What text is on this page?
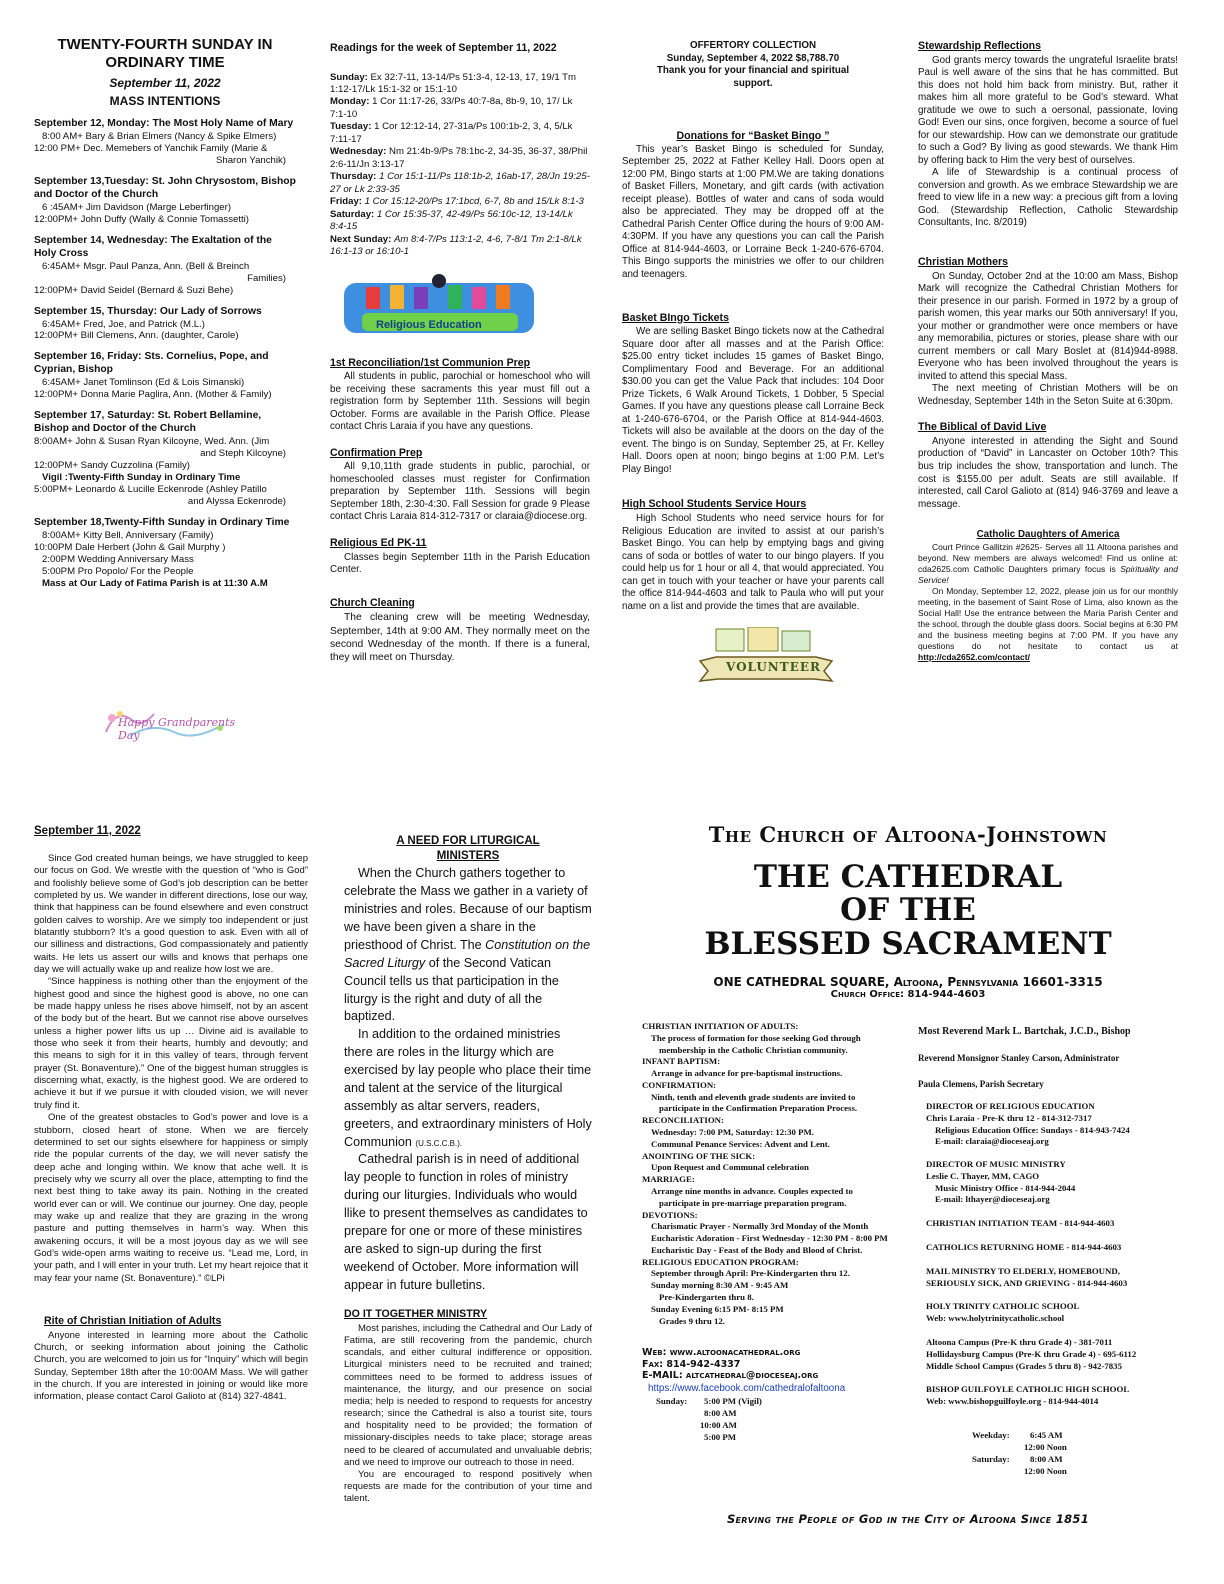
TWENTY-FOURTH SUNDAY IN
ORDINARY TIME
September 11, 2022
MASS INTENTIONS
September 12, Monday: The Most Holy Name of Mary
8:00 AM+ Bary & Brian Elmers (Nancy & Spike Elmers)
12:00 PM+ Dec. Memebers of Yanchik Family (Marie &
Sharon Yanchik)
September 13,Tuesday: St. John Chrysostom, Bishop and Doctor of the Church
6 :45AM+ Jim Davidson (Marge Leberfinger)
12:00PM+ John Duffy (Wally & Connie Tomassetti)
September 14, Wednesday: The Exaltation of the Holy Cross
6:45AM+ Msgr. Paul Panza, Ann. (Bell & Breinch
Families)
12:00PM+ David Seidel (Bernard & Suzi Behe)
September 15, Thursday: Our Lady of Sorrows
6:45AM+ Fred, Joe, and Patrick (M.L.)
12:00PM+ Bill Clemens, Ann. (daughter, Carole)
September 16, Friday: Sts. Cornelius, Pope, and Cyprian, Bishop
6:45AM+ Janet Tomlinson (Ed & Lois Simanski)
12:00PM+ Donna Marie Paglira, Ann. (Mother & Family)
September 17, Saturday: St. Robert Bellamine, Bishop and Doctor of the Church
8:00AM+ John & Susan Ryan Kilcoyne, Wed. Ann. (Jim
and Steph Kilcoyne)
12:00PM+ Sandy Cuzzolina (Family)
Vigil :Twenty-Fifth Sunday in Ordinary Time
5:00PM+ Leonardo & Lucille Eckenrode (Ashley Patillo
and Alyssa Eckenrode)
September 18,Twenty-Fifth Sunday in Ordinary Time
8:00AM+ Kitty Bell, Anniversary (Family)
10:00PM Dale Herbert (John & Gail Murphy )
2:00PM Wedding Anniversary Mass
5:00PM Pro Popolo/ For the People
Mass at Our Lady of Fatima Parish is at 11:30 A.M
Happy Grandparents Day
Readings for the week of September 11, 2022
Sunday: Ex 32:7-11, 13-14/Ps 51:3-4, 12-13, 17, 19/1 Tm 1:12-17/Lk 15:1-32 or 15:1-10
Monday: 1 Cor 11:17-26, 33/Ps 40:7-8a, 8b-9, 10, 17/ Lk 7:1-10
Tuesday: 1 Cor 12:12-14, 27-31a/Ps 100:1b-2, 3, 4, 5/Lk 7:11-17
Wednesday: Nm 21:4b-9/Ps 78:1bc-2, 34-35, 36-37, 38/Phil 2:6-11/Jn 3:13-17
Thursday: 1 Cor 15:1-11/Ps 118:1b-2, 16ab-17, 28/Jn 19:25-27 or Lk 2:33-35
Friday: 1 Cor 15:12-20/Ps 17:1bcd, 6-7, 8b and 15/Lk 8:1-3
Saturday: 1 Cor 15:35-37, 42-49/Ps 56:10c-12, 13-14/Lk 8:4-15
Next Sunday: Am 8:4-7/Ps 113:1-2, 4-6, 7-8/1 Tm 2:1-8/Lk 16:1-13 or 16:10-1
Religious Education
1st Reconciliation/1st Communion Prep

All students in public, parochial or homeschool who will be receiving these sacraments this year must fill out a registration form by September 11th. Sessions will begin October. Forms are available in the Parish Office. Please contact Chris Laraia if you have any questions.

Confirmation Prep

All 9,10,11th grade students in public, parochial, or homeschooled classes must register for Confirmation preparation by September 11th. Sessions will begin September 18th, 2:30-4:30. Fall Session for grade 9 Please contact Chris Laraia 814-312-7317 or claraia@diocese.org.

Religious Ed PK-11

Classes begin September 11th in the Parish Education Center.

Church Cleaning

The cleaning crew will be meeting Wednesday, September, 14th at 9:00 AM. They normally meet on the second Wednesday of the month. If there is a funeral, they will meet on Thursday.

OFFERTORY COLLECTION
Sunday, September 4, 2022 $8,788.70
Thank you for your financial and spiritual
support.
Donations for “Basket Bingo ”

This year’s Basket Bingo is scheduled for Sunday, September 25, 2022 at Father Kelley Hall. Doors open at 12:00 PM, Bingo starts at 1:00 PM.We are taking donations of Basket Fillers, Monetary, and gift cards (with activation receipt please). Bottles of water and cans of soda would also be appreciated. They may be dropped off at the Cathedral Parish Center Office during the hours of 9:00 AM-4:30PM. If you have any questions you can call the Parish Office at 814-944-4603, or Lorraine Beck 1-240-676-6704. This Bingo supports the ministries we offer to our children and teenagers.

Basket BIngo Tickets

We are selling Basket Bingo tickets now at the Cathedral Square door after all masses and at the Parish Office: $25.00 entry ticket includes 15 games of Basket Bingo, Complimentary Food and Beverage. For an additional $30.00 you can get the Value Pack that includes: 104 Door Prize Tickets, 6 Walk Around Tickets, 1 Dobber, 5 Special Games. If you have any questions please call Lorraine Beck at 1-240-676-6704, or the Parish Office at 814-944-4603. Tickets will also be available at the doors on the day of the event. The bingo is on Sunday, September 25, at Fr. Kelley Hall. Doors open at noon; bingo begins at 1:00 P.M. Let’s Play Bingo!

High School Students Service Hours

High School Students who need service hours for for Religious Education are invited to assist at our parish’s Basket Bingo. You can help by emptying bags and giving cans of soda or bottles of water to our bingo players. If you could help us for 1 hour or all 4, that would appreciated. You can get in touch with your teacher or have your parents call the office 814-944-4603 and talk to Paula who will put your name on a list and provide the times that are available.

VOLUNTEER
Stewardship Reflections

God grants mercy towards the ungrateful Israelite brats! Paul is well aware of the sins that he has committed. But this does not hold him back from ministry. But, rather it makes him all more grateful to be God’s steward. What gratitude we owe to such a oersonal, passionate, loving God! Even our sins, once forgiven, become a source of fuel for our stewardship. How can we demonstrate our gratitude to such a God? By living as good stewards. We thank Him by offering back to Him the very best of ourselves.

A life of Stewardship is a continual process of conversion and growth. As we embrace Stewardship we are freed to view life in a new way: a precious gift from a loving God. (Stewardship Reflection, Catholic Stewardship Consultants, Inc. 8/2019)

Christian Mothers

On Sunday, October 2nd at the 10:00 am Mass, Bishop Mark will recognize the Cathedral Christian Mothers for their presence in our parish. Formed in 1972 by a group of parish women, this year marks our 50th anniversary! If you, your mother or grandmother were once members or have any memorabilia, pictures or stories, please share with our current members or call Mary Boslet at (814)944-8988. Everyone who has been involved throughout the years is invited to attend this special Mass.

The next meeting of Christian Mothers will be on Wednesday, September 14th in the Seton Suite at 6:30pm.

The Biblical of David Live

Anyone interested in attending the Sight and Sound production of “David” in Lancaster on October 10th? This bus trip includes the show, transportation and lunch. The cost is $155.00 per adult. Seats are still available. If interested, call Carol Galioto at (814) 946-3769 and leave a message.

Catholic Daughters of America

Court Prince Gallitzin #2625- Serves all 11 Altoona parishes and beyond. New members are always welcomed! Find us online at: cda2625.com Catholic Daughters primary focus is Spirituality and Service!

On Monday, September 12, 2022, please join us for our monthly meeting, in the basement of Saint Rose of Lima, also known as the Social Hall! Use the entrance between the Maria Parish Center and the school, through the double glass doors. Social begins at 6:30 PM and the business meeting begins at 7:00 PM. If you have any questions do not hesitate to contact us at http://cda2652.com/contact/

September 11, 2022

Since God created human beings, we have struggled to keep our focus on God. We wrestle with the question of “who is God” and foolishly believe some of God’s job description can be better completed by us. We wander in different directions, lose our way, think that happiness can be found elsewhere and even construct golden calves to worship. Are we simply too independent or just blatantly stubborn? It’s a good question to ask. Even with all of our silliness and distractions, God compassionately and patiently waits. He lets us assert our wills and knows that perhaps one day we will actually wake up and realize how lost we are.

“Since happiness is nothing other than the enjoyment of the highest good and since the highest good is above, no one can be made happy unless he rises above himself, not by an ascent of the body but of the heart. But we cannot rise above ourselves unless a higher power lifts us up … Divine aid is available to those who seek it from their hearts, humbly and devoutly; and this means to sigh for it in this valley of tears, through fervent prayer (St. Bonaventure).” One of the biggest human struggles is discerning what, exactly, is the highest good. We are ordered to achieve it but if we pursue it with clouded vision, we will never truly find it.

One of the greatest obstacles to God’s power and love is a stubborn, closed heart of stone. When we are fiercely determined to set our sights elsewhere for happiness or simply ride the popular currents of the day, we will never satisfy the deep ache and longing within. We know that ache well. It is precisely why we scurry all over the place, attempting to find the next best thing to take away its pain. Nothing in the created world ever can or will. We continue our journey. One day, people may wake up and realize that they are grazing in the wrong pasture and putting themselves in harm’s way. When this awakening occurs, it will be a most joyous day as we will see God’s wide-open arms waiting to receive us. “Lead me, Lord, in your path, and I will enter in your truth. Let my heart rejoice that it may fear your name (St. Bonaventure).” ©LPi

Rite of Christian Initiation of Adults

Anyone interested in learning more about the Catholic Church, or seeking information about joining the Catholic Church, you are welcomed to join us for “Inquiry” which will begin Sunday, September 18th after the 10:00AM Mass. We will gather in the church. If you are interested in joining or would like more information, please contact Carol Galioto at (814) 327-4841.

A NEED FOR LITURGICAL
MINISTERS

When the Church gathers together to celebrate the Mass we gather in a variety of ministries and roles. Because of our baptism we have been given a share in the priesthood of Christ. The Constitution on the Sacred Liturgy of the Second Vatican Council tells us that participation in the liturgy is the right and duty of all the baptized.

In addition to the ordained ministries there are roles in the liturgy which are exercised by lay people who place their time and talent at the service of the liturgical assembly as altar servers, readers, greeters, and extraordinary ministers of Holy Communion (U.S.C.C.B.).

Cathedral parish is in need of additional lay people to function in roles of ministry during our liturgies. Individuals who would llike to present themselves as candidates to prepare for one or more of these ministires are asked to sign-up during the first weekend of October. More information will appear in future bulletins.

DO IT TOGETHER MINISTRY

Most parishes, including the Cathedral and Our Lady of Fatima, are still recovering from the pandemic, church scandals, and either cultural indifference or opposition. Liturgical ministers need to be recruited and trained; committees need to be formed to address issues of maintenance, the liturgy, and our presence on social media; help is needed to respond to requests for ancestry research; since the Cathedral is also a tourist site, tours and hospitality need to be provided; the formation of missionary-disciples needs to take place; storage areas need to be cleared of accumulated and unvaluable debris; and we need to improve our outreach to those in need.

You are encouraged to respond positively when requests are made for the contribution of your time and talent.

The Church of Altoona-Johnstown
THE CATHEDRAL
OF THE
BLESSED SACRAMENT
ONE CATHEDRAL SQUARE, Altoona, Pennsylvania 16601-3315
Church Office: 814-944-4603
CHRISTIAN INITIATION OF ADULTS:
The process of formation for those seeking God through
membership in the Catholic Christian community.
INFANT BAPTISM:
Arrange in advance for pre-baptismal instructions.
CONFIRMATION:
Ninth, tenth and eleventh grade students are invited to
participate in the Confirmation Preparation Process.
RECONCILIATION:
Wednesday: 7:00 PM, Saturday: 12:30 PM.
Communal Penance Services: Advent and Lent.
ANOINTING OF THE SICK:
Upon Request and Communal celebration
MARRIAGE:
Arrange nine months in advance. Couples expected to
participate in pre-marriage preparation program.
DEVOTIONS:
Charismatic Prayer - Normally 3rd Monday of the Month
Eucharistic Adoration - First Wednesday - 12:30 PM - 8:00 PM
Eucharistic Day - Feast of the Body and Blood of Christ.
RELIGIOUS EDUCATION PROGRAM:
September through April: Pre-Kindergarten thru 12.
Sunday morning 8:30 AM - 9:45 AM
Pre-Kindergarten thru 8.
Sunday Evening 6:15 PM- 8:15 PM
Grades 9 thru 12.
Web: www.altoonacathedral.org
Fax: 814-942-4337
E-MAIL: altcathedral@dioceseaj.org
https://www.facebook.com/cathedralofaltoona
Sunday: 5:00 PM (Vigil)
8:00 AM
10:00 AM
5:00 PM
Most Reverend Mark L. Bartchak, J.C.D., Bishop
Reverend Monsignor Stanley Carson, Administrator
Paula Clemens, Parish Secretary
DIRECTOR OF RELIGIOUS EDUCATION
Chris Laraia - Pre-K thru 12 - 814-312-7317
Religious Education Office: Sundays - 814-943-7424
E-mail: claraia@dioceseaj.org
DIRECTOR OF MUSIC MINISTRY
Leslie C. Thayer, MM, CAGO
Music Ministry Office - 814-944-2044
E-mail: lthayer@dioceseaj.org
CHRISTIAN INITIATION TEAM - 814-944-4603
CATHOLICS RETURNING HOME - 814-944-4603
MAIL MINISTRY TO ELDERLY, HOMEBOUND,
SERIOUSLY SICK, AND GRIEVING - 814-944-4603
HOLY TRINITY CATHOLIC SCHOOL
Web: www.holytrinitycatholic.school
Altoona Campus (Pre-K thru Grade 4) - 381-7011
Hollidaysburg Campus (Pre-K thru Grade 4) - 695-6112
Middle School Campus (Grades 5 thru 8) - 942-7835
BISHOP GUILFOYLE CATHOLIC HIGH SCHOOL
Web: www.bishopguilfoyle.org - 814-944-4014
Weekday: 6:45 AM
12:00 Noon
Saturday: 8:00 AM
12:00 Noon
Serving the People of God in the City of Altoona Since 1851
